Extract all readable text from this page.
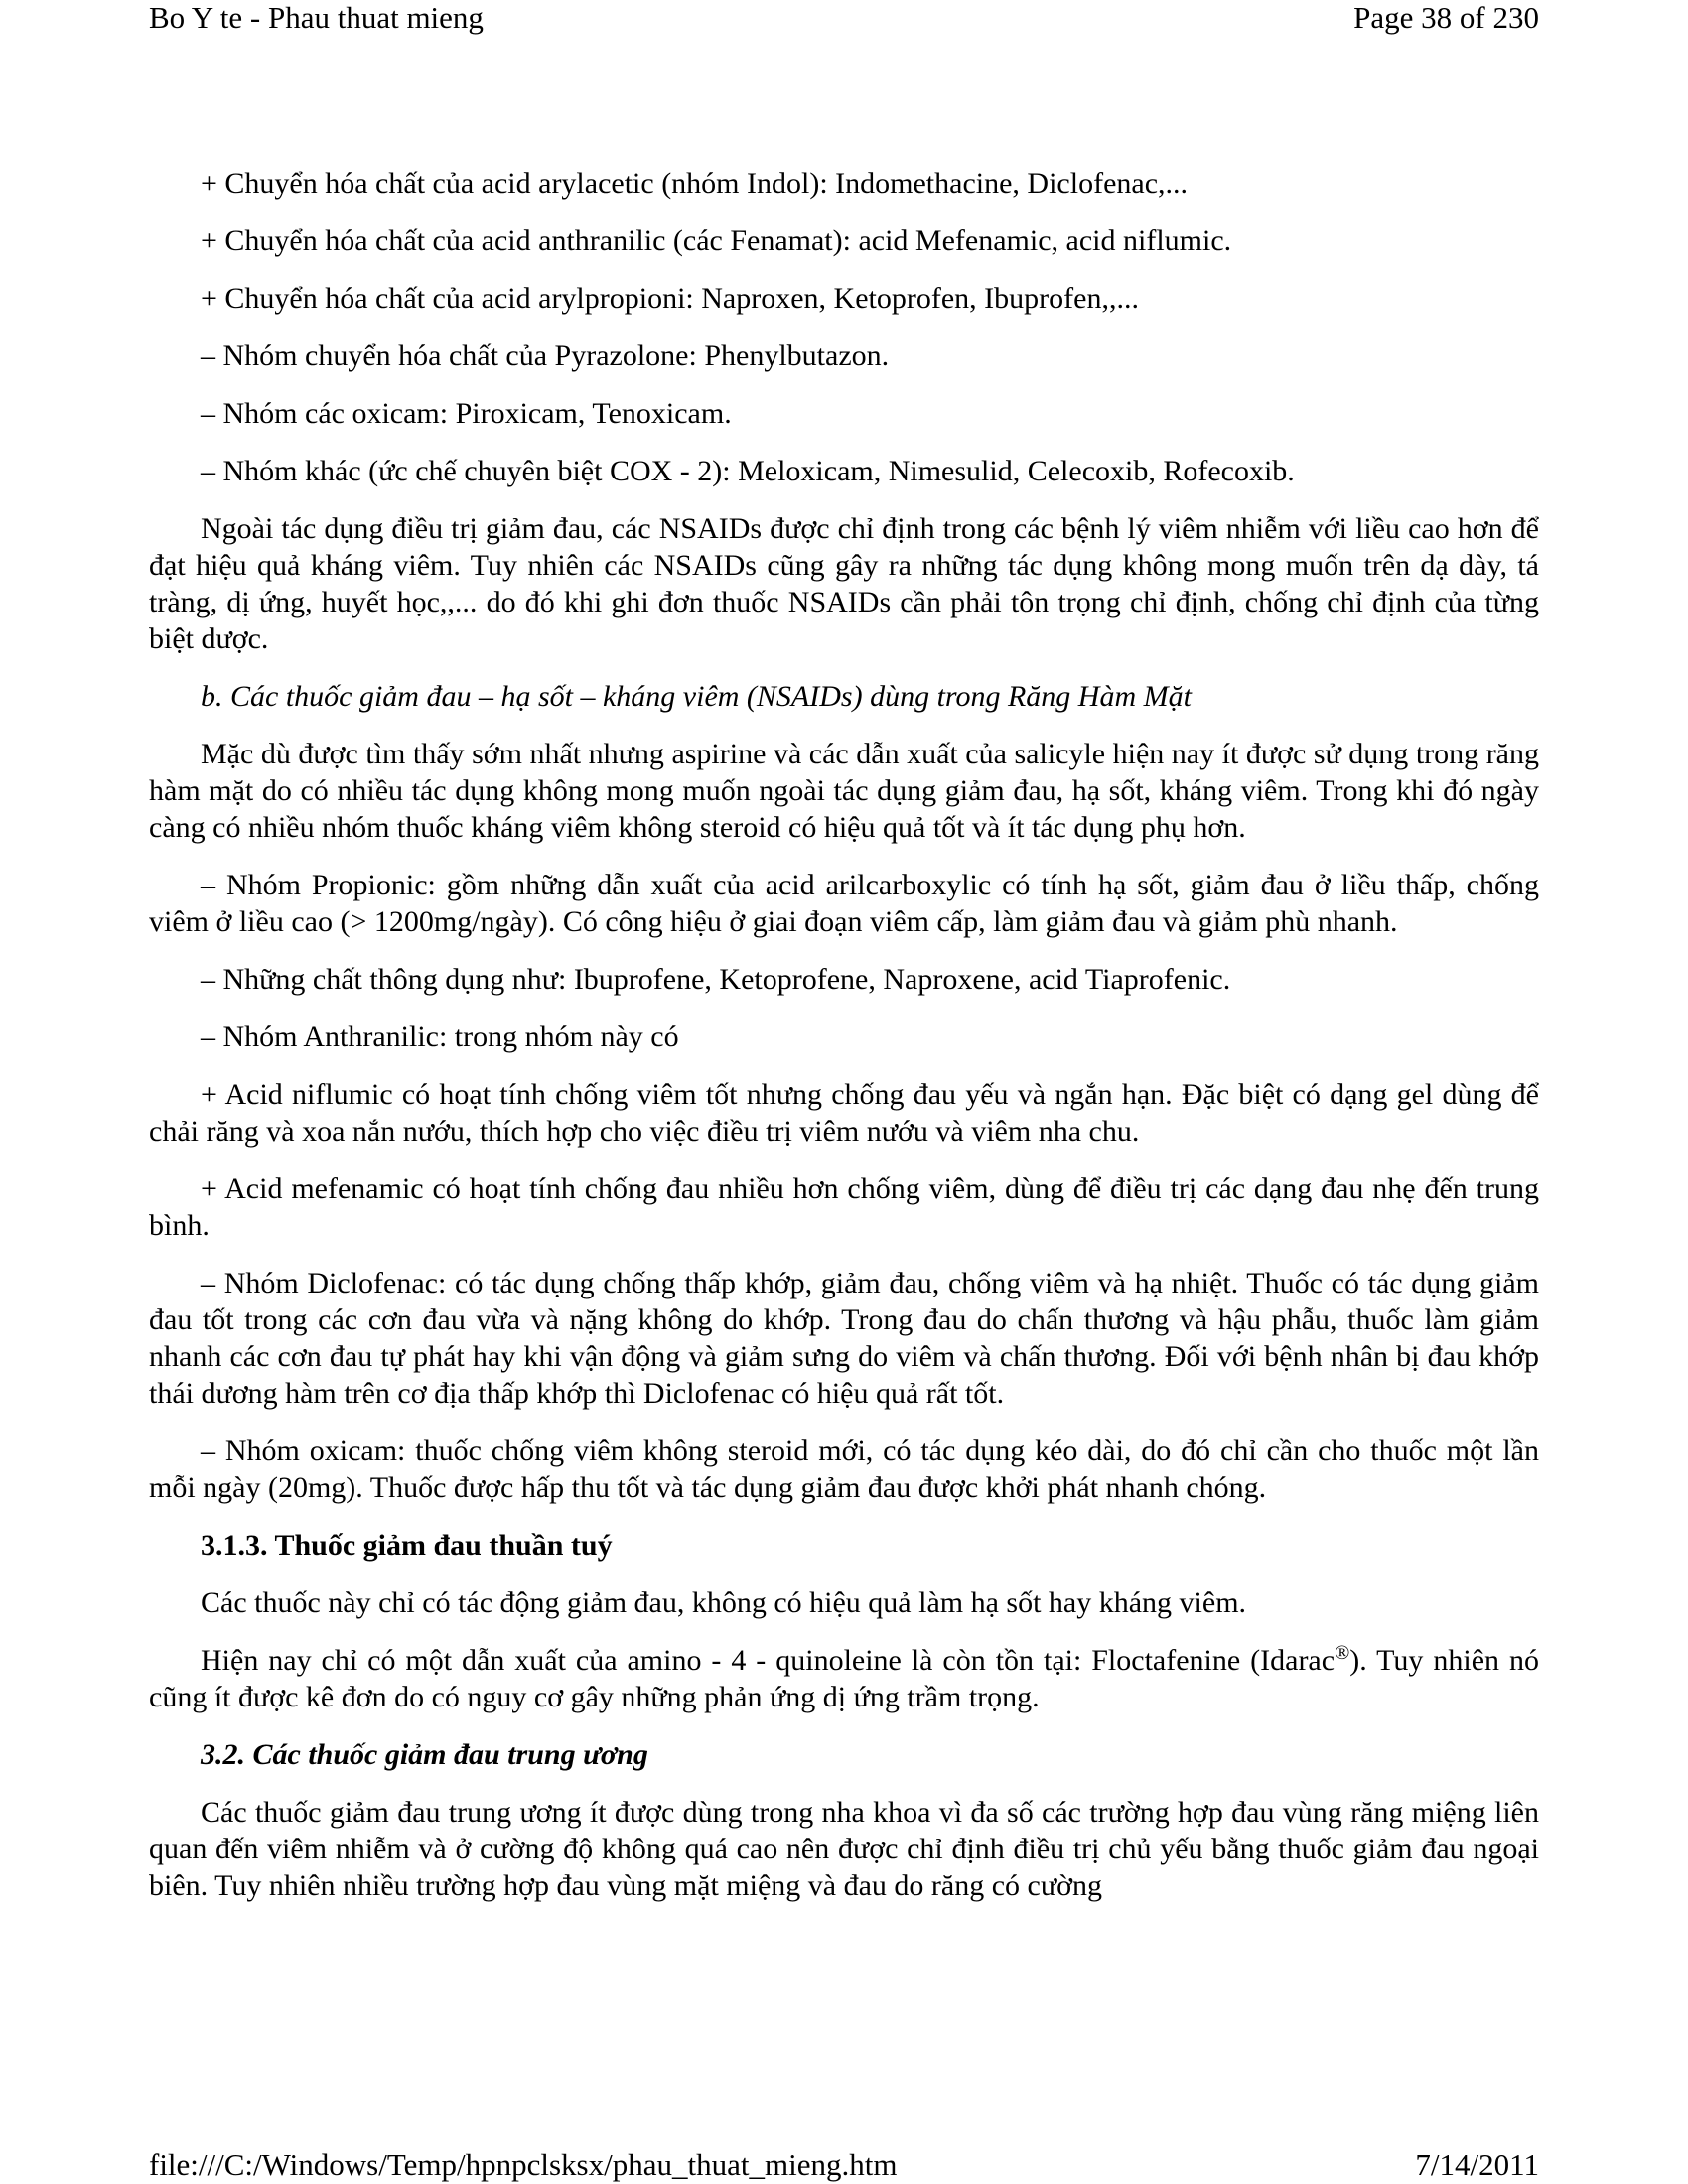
Bo Y te - Phau thuat mieng	Page 38 of 230
+ Chuyển hóa chất của acid arylacetic (nhóm Indol): Indomethacine, Diclofenac,...
+ Chuyển hóa chất của acid anthranilic (các Fenamat): acid Mefenamic, acid niflumic.
+ Chuyển hóa chất của acid arylpropioni: Naproxen, Ketoprofen, Ibuprofen,,...
– Nhóm chuyển hóa chất của Pyrazolone: Phenylbutazon.
– Nhóm các oxicam: Piroxicam, Tenoxicam.
– Nhóm khác (ức chế chuyên biệt COX - 2): Meloxicam, Nimesulid, Celecoxib, Rofecoxib.

Ngoài tác dụng điều trị giảm đau, các NSAIDs được chỉ định trong các bệnh lý viêm nhiễm với liều cao hơn để đạt hiệu quả kháng viêm. Tuy nhiên các NSAIDs cũng gây ra những tác dụng không mong muốn trên dạ dày, tá tràng, dị ứng, huyết học,,... do đó khi ghi đơn thuốc NSAIDs cần phải tôn trọng chỉ định, chống chỉ định của từng biệt dược.

b. Các thuốc giảm đau – hạ sốt – kháng viêm (NSAIDs) dùng trong Răng Hàm Mặt

Mặc dù được tìm thấy sớm nhất nhưng aspirine và các dẫn xuất của salicyle hiện nay ít được sử dụng trong răng hàm mặt do có nhiều tác dụng không mong muốn ngoài tác dụng giảm đau, hạ sốt, kháng viêm. Trong khi đó ngày càng có nhiều nhóm thuốc kháng viêm không steroid có hiệu quả tốt và ít tác dụng phụ hơn.

– Nhóm Propionic: gồm những dẫn xuất của acid arilcarboxylic có tính hạ sốt, giảm đau ở liều thấp, chống viêm ở liều cao (> 1200mg/ngày). Có công hiệu ở giai đoạn viêm cấp, làm giảm đau và giảm phù nhanh.

– Những chất thông dụng như: Ibuprofene, Ketoprofene, Naproxene, acid Tiaprofenic.
– Nhóm Anthranilic: trong nhóm này có

+ Acid niflumic có hoạt tính chống viêm tốt nhưng chống đau yếu và ngắn hạn. Đặc biệt có dạng gel dùng để chải răng và xoa nắn nướu, thích hợp cho việc điều trị viêm nướu và viêm nha chu.

+ Acid mefenamic có hoạt tính chống đau nhiều hơn chống viêm, dùng để điều trị các dạng đau nhẹ đến trung bình.

– Nhóm Diclofenac: có tác dụng chống thấp khớp, giảm đau, chống viêm và hạ nhiệt. Thuốc có tác dụng giảm đau tốt trong các cơn đau vừa và nặng không do khớp. Trong đau do chấn thương và hậu phẫu, thuốc làm giảm nhanh các cơn đau tự phát hay khi vận động và giảm sưng do viêm và chấn thương. Đối với bệnh nhân bị đau khớp thái dương hàm trên cơ địa thấp khớp thì Diclofenac có hiệu quả rất tốt.

– Nhóm oxicam: thuốc chống viêm không steroid mới, có tác dụng kéo dài, do đó chỉ cần cho thuốc một lần mỗi ngày (20mg). Thuốc được hấp thu tốt và tác dụng giảm đau được khởi phát nhanh chóng.

3.1.3. Thuốc giảm đau thuần tuý

Các thuốc này chỉ có tác động giảm đau, không có hiệu quả làm hạ sốt hay kháng viêm.

Hiện nay chỉ có một dẫn xuất của amino - 4 - quinoleine là còn tồn tại: Floctafenine (Idarac®). Tuy nhiên nó cũng ít được kê đơn do có nguy cơ gây những phản ứng dị ứng trầm trọng.

3.2. Các thuốc giảm đau trung ương

Các thuốc giảm đau trung ương ít được dùng trong nha khoa vì đa số các trường hợp đau vùng răng miệng liên quan đến viêm nhiễm và ở cường độ không quá cao nên được chỉ định điều trị chủ yếu bằng thuốc giảm đau ngoại biên. Tuy nhiên nhiều trường hợp đau vùng mặt miệng và đau do răng có cường

file:///C:/Windows/Temp/hpnpclsksx/phau_thuat_mieng.htm	7/14/2011
